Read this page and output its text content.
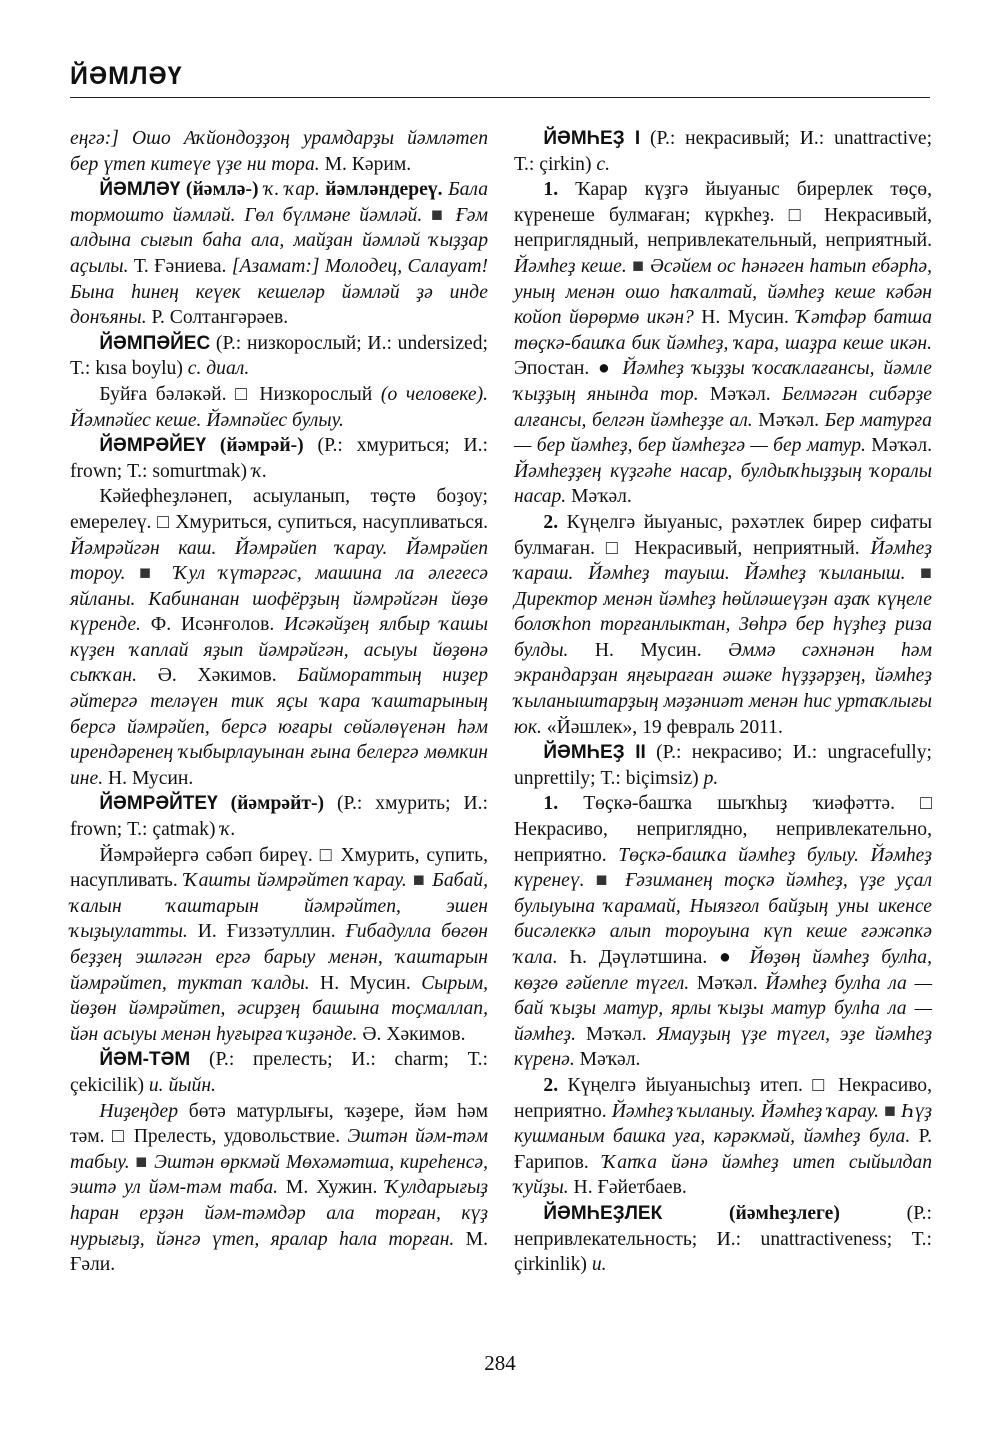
ЙӘМЛӘҮ

еңгә:] Ошо Аҡйондоҙҙоң урамдарҙы йәмләтеп бер үтеп китеүе үҙе ни тора. М. Кәрим.

ЙӘМЛӘҮ (йәмлә-) ҡ. ҡар. йәмләндереү. Бала тормошто йәмләй. Гөл бүлмәне йәмләй. ■ Ғәм алдына сығып баһа ала, майҙан йәмләй ҡыҙҙар аҫылы. Т. Ғәниева. [Азамат:] Молодец, Салауат! Бына һинең кеүек кешеләр йәмләй ҙә инде донъяны. Р. Солтангәрәев.

ЙӘМПӘЙЕС (Р.: низкорослый; И.: undersized; Т.: kısa boylu) с. диал.

Буйға бәләкәй. □ Низкорослый (о человеке). Йәмпәйес кеше. Йәмпәйес булыу.

ЙӘМРӘЙЕҮ (йәмрәй-) (Р.: хмуриться; И.: frown; Т.: somurtmak) ҡ.

Кәйефһеҙләнеп, асыуланып, төҫтө боҙоу; емерелеү. □ Хмуриться, супиться, насупливаться. Йәмрәйгән каш. Йәмрәйеп ҡарау. Йәмрәйеп тороу. ■ Ҡул ҡүтәргәс, машина ла әлегесә яйланы. Кабинанан шофёрҙың йәмрәйгән йөҙө күренде. Ф. Исәнғолов. Исәкәйҙең ялбыр ҡашы күҙен ҡаплай яҙып йәмрәйгән, асыуы йөҙөнә сыҡҡан. Ә. Хәкимов. Баймораттың ниҙер әйтергә теләүен тик яҫы ҡара ҡаштарының берсә йәмрәйеп, берсә юғары сөйәлөүенән һәм ирендәренең ҡыбырлауынан ғына белергә мөмкин ине. Н. Мусин.

ЙӘМРӘЙТЕҮ (йәмрәйт-) (Р.: хмурить; И.: frown; Т.: çatmak) ҡ.

Йәмрәйергә сәбәп биреү. □ Хмурить, супить, насупливать. Ҡашты йәмрәйтеп ҡарау. ■ Бабай, ҡалын ҡаштарын йәмрәйтеп, эшен ҡыҙыулатты. И. Ғиззәтуллин. Ғибадулла бөгөн беҙҙең эшләгән ергә барыу менән, ҡаштарын йәмрәйтеп, туктап ҡалды. Н. Мусин. Сырым, йөҙөн йәмрәйтеп, әсирҙең башына тоҫмаллап, йән асыуы менән һуғырға ҡиҙәнде. Ә. Хәкимов.

ЙӘМ-ТӘМ (Р.: прелесть; И.: charm; Т.: çekicilik) и. йыйн.

Ниҙеңдер бөтә матурлығы, ҡәҙере, йәм һәм тәм. □ Прелесть, удовольствие. Эштән йәм-тәм табыу. ■ Эштән өркмәй Мөхәмәтша, киреһенсә, эштә ул йәм-тәм таба. М. Хужин. Ҡулдарығыҙ һаран ерҙән йәм-тәмдәр ала торған, күҙ нурығыҙ, йәнгә үтеп, яралар һала торған. М. Ғәли.

ЙӘМҺЕҘ I (Р.: некрасивый; И.: unattractive; Т.: çirkin) с.

1. Ҡарар күҙгә йыуаныс бирерлек төҫө, күренеше булмаған; күркһеҙ. □ Некрасивый, неприглядный, непривлекательный, неприятный. Йәмһеҙ кеше. ■ Әсәйем ос һәнәген һатып ебәрһә, уның менән ошо һаҡалтай, йәмһеҙ кеше кәбән койоп йөрөрмө икән? Н. Мусин. Ҡәтфәр батша төҫкә-башҡа бик йәмһеҙ, ҡара, шаҙра кеше икән. Эпостан. ● Йәмһеҙ ҡыҙҙы ҡосаҡлағансы, йәмле ҡыҙҙың янында тор. Мәҡәл. Белмәгән сибәрҙе алғансы, белгән йәмһеҙҙе ал. Мәҡәл. Бер матурға — бер йәмһеҙ, бер йәмһеҙгә — бер матур. Мәҡәл. Йәмһеҙҙең күҙгәһе насар, булдыҡһыҙҙың ҡоралы насар. Мәҡәл.

2. Күңелгә йыуаныс, рәхәтлек бирер сифаты булмаған. □ Некрасивый, неприятный. Йәмһеҙ ҡараш. Йәмһеҙ тауыш. Йәмһеҙ ҡыланыш. ■ Директор менән йәмһеҙ һөйләшеүҙән аҙаҡ күңеле болоҡһоп торғанлыктан, Зөһрә бер һүҙһеҙ риза булды. Н. Мусин. Әммә сәхнәнән һәм экрандарҙан яңғыраған әшәке һүҙҙәрҙең, йәмһеҙ ҡыланыштарҙың мәҙәниәт менән һис уртаҡлығы юк. «Йәшлек», 19 февраль 2011.

ЙӘМҺЕҘ II (Р.: некрасиво; И.: ungracefully; unprettily; Т.: biçimsiz) р.

1. Төҫкә-башҡа шыҡһыҙ ҡиәфәттә. □ Некрасиво, неприглядно, непривлекательно, неприятно. Төҫкә-башҡа йәмһеҙ булыу. Йәмһеҙ күренеү. ■ Ғәзиманең тоҫкә йәмһеҙ, үҙе уҫал булыуына ҡарамай, Ныязғол байҙың уны икенсе бисәлеккә алып тороуына күп кеше ғәжәпкә ҡала. Һ. Дәүләтшина. ● Йөҙөң йәмһеҙ булһа, көҙгө ғәйепле түгел. Мәҡәл. Йәмһеҙ булһа ла — бай ҡыҙы матур, ярлы ҡыҙы матур булһа ла — йәмһеҙ. Мәҡәл. Ямауҙың үҙе түгел, эҙе йәмһеҙ күренә. Мәҡәл.

2. Күңелгә йыуанысһыҙ итеп. □ Некрасиво, неприятно. Йәмһеҙ ҡыланыу. Йәмһеҙ ҡарау. ■ Һүҙ кушманым башка уға, кәрәкмәй, йәмһеҙ була. Р. Ғарипов. Ҡапҡа йәнә йәмһеҙ итеп сыйылдап ҡуйҙы. Н. Ғәйетбаев.

ЙӘМҺЕҘЛЕК (йәмһеҙлеге) (Р.: непривлекательность; И.: unattractiveness; Т.: çirkinlik) и.

284
